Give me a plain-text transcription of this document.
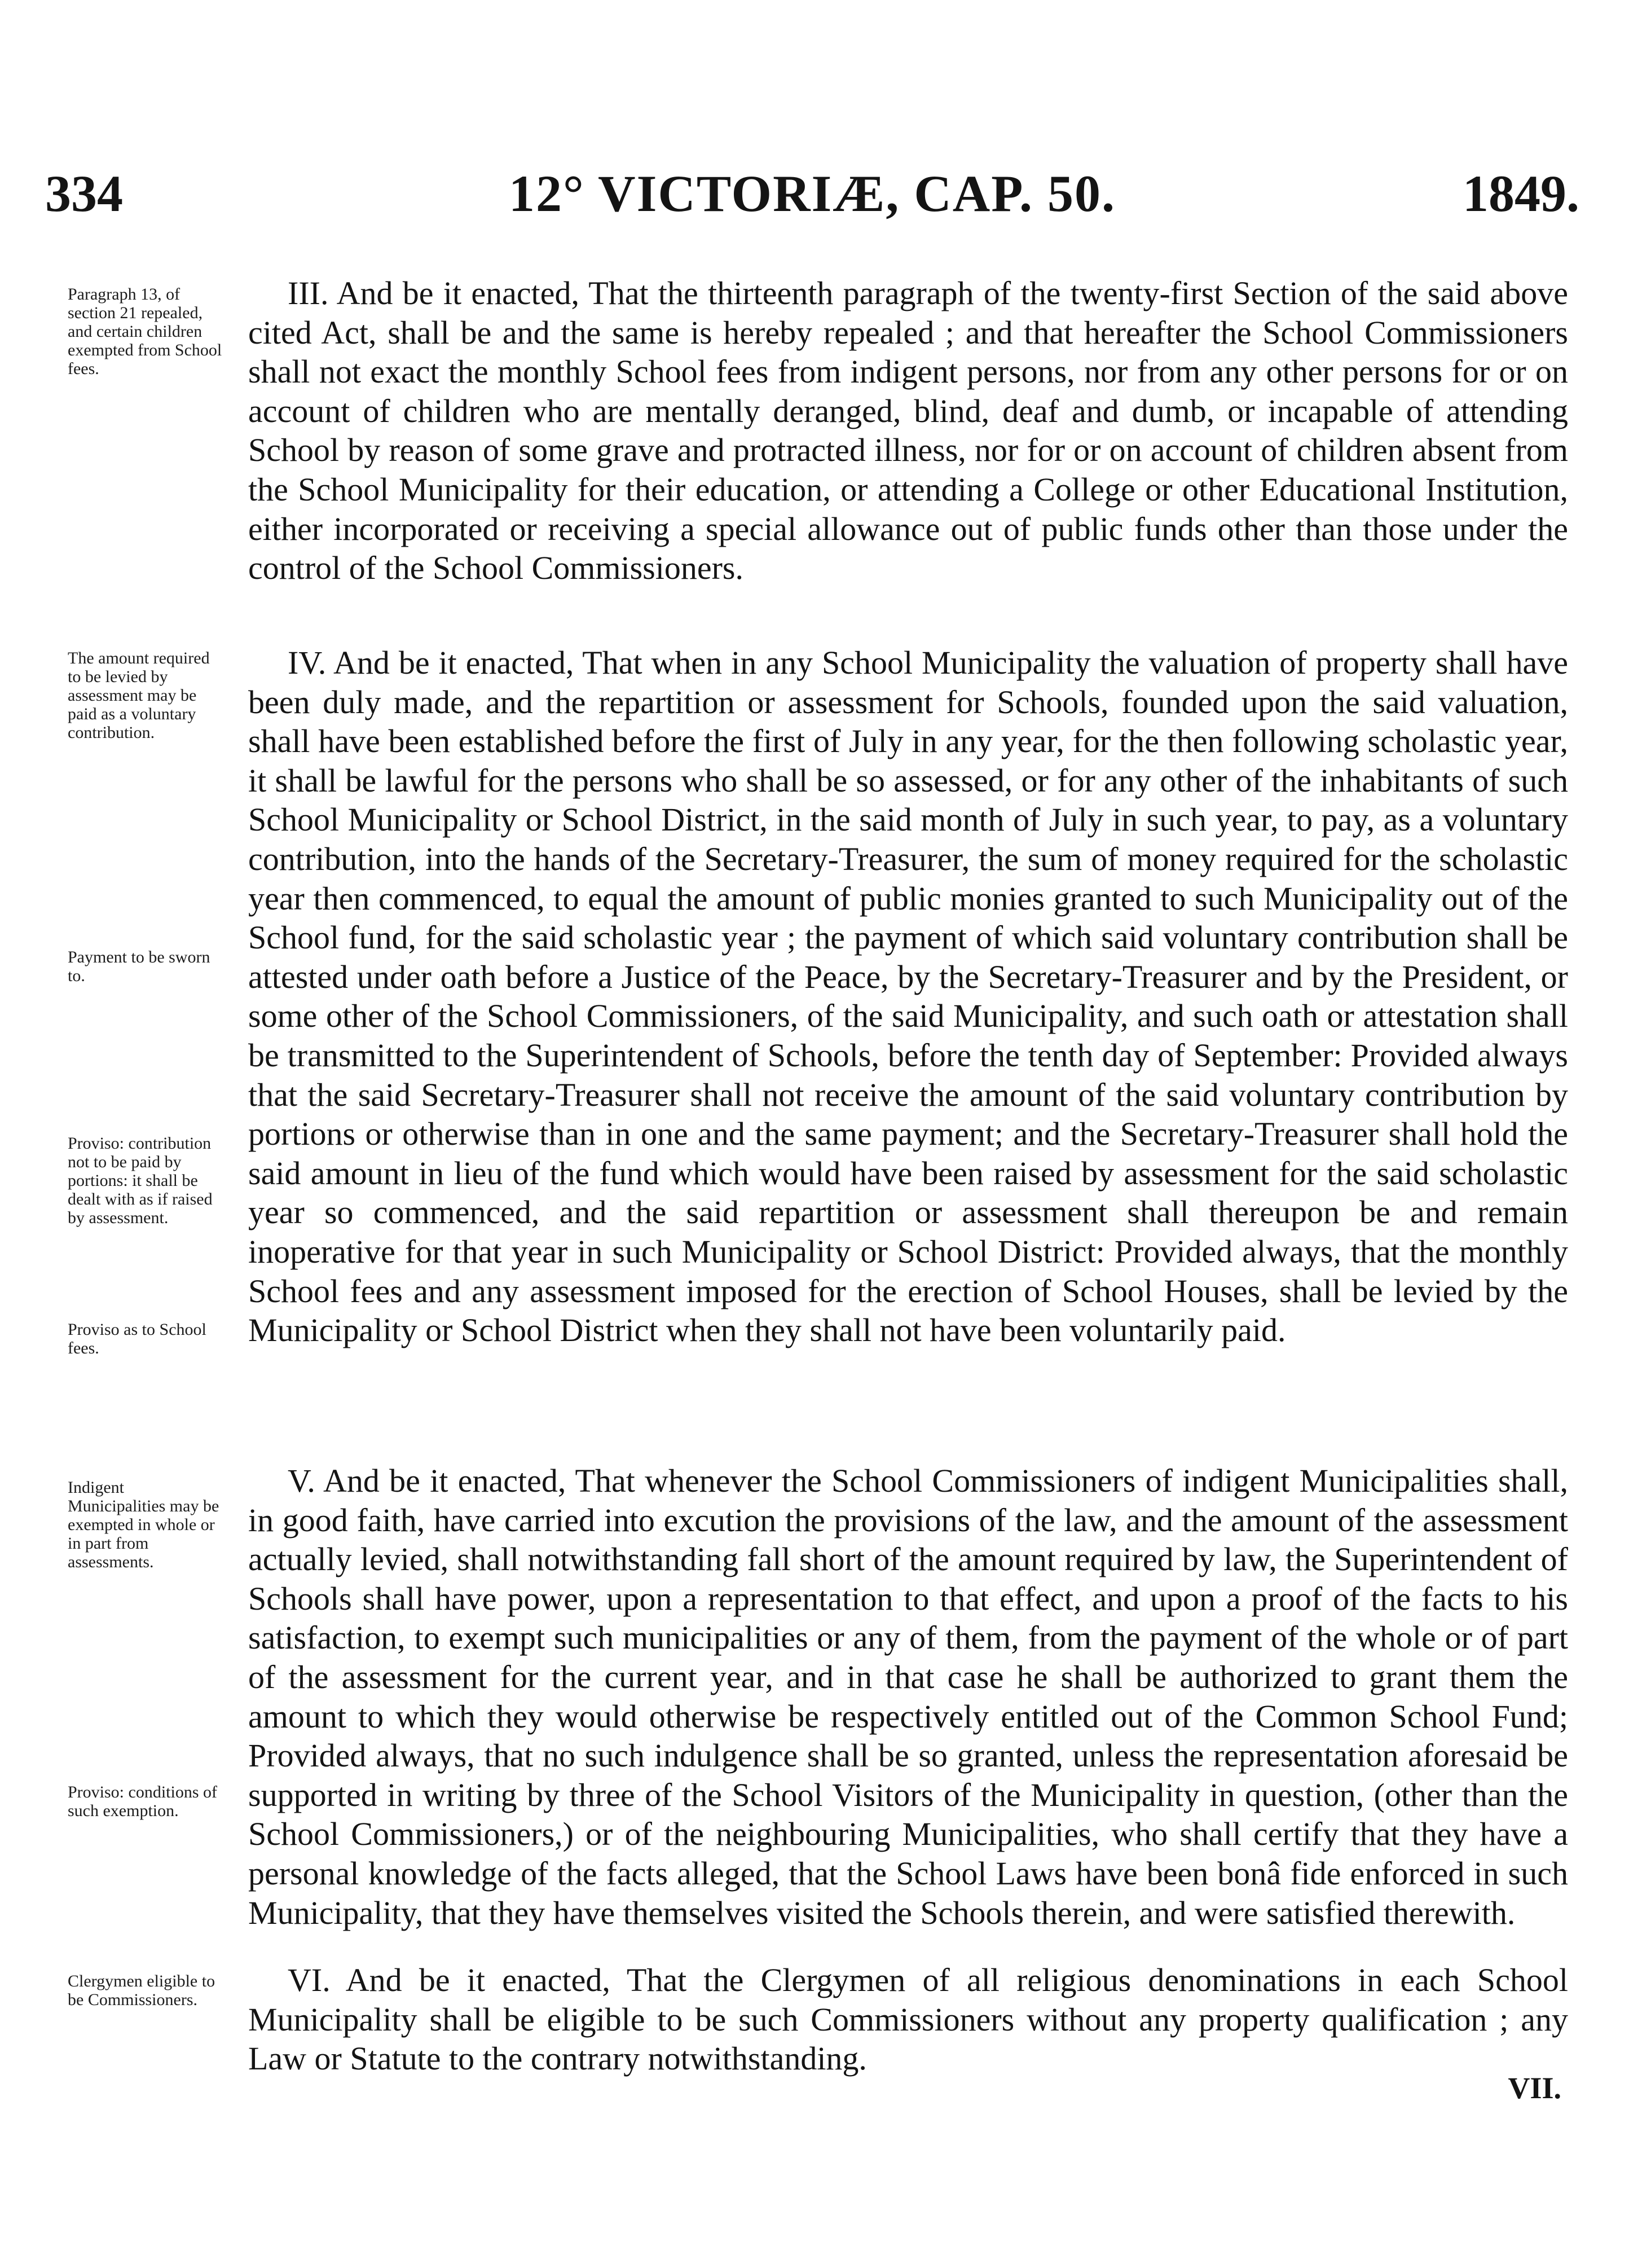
334	12° VICTORIÆ, CAP. 50.	1849.
Paragraph 13, of section 21 repealed, and certain children exempted from School fees.
The amount required to be levied by assessment may be paid as a voluntary contribution.
Payment to be sworn to.
Proviso: contribution not to be paid by portions: it shall be dealt with as if raised by assessment.
Proviso as to School fees.
Indigent Municipalities may be exempted in whole or in part from assessments.
Proviso: conditions of such exemption.
Clergymen eligible to be Commissioners.

III. And be it enacted, That the thirteenth paragraph of the twenty-first Section of the said above cited Act, shall be and the same is hereby repealed ; and that hereafter the School Commissioners shall not exact the monthly School fees from indigent persons, nor from any other persons for or on account of children who are mentally deranged, blind, deaf and dumb, or incapable of attending School by reason of some grave and protracted illness, nor for or on account of children absent from the School Municipality for their education, or attending a College or other Educational Institution, either incorporated or receiving a special allowance out of public funds other than those under the control of the School Commissioners.

IV. And be it enacted, That when in any School Municipality the valuation of property shall have been duly made, and the repartition or assessment for Schools, founded upon the said valuation, shall have been established before the first of July in any year, for the then following scholastic year, it shall be lawful for the persons who shall be so assessed, or for any other of the inhabitants of such School Municipality or School District, in the said month of July in such year, to pay, as a voluntary contribution, into the hands of the Secretary-Treasurer, the sum of money required for the scholastic year then commenced, to equal the amount of public monies granted to such Municipality out of the School fund, for the said scholastic year ; the payment of which said voluntary contribution shall be attested under oath before a Justice of the Peace, by the Secretary-Treasurer and by the President, or some other of the School Commissioners, of the said Municipality, and such oath or attestation shall be transmitted to the Superintendent of Schools, before the tenth day of September: Provided always that the said Secretary-Treasurer shall not receive the amount of the said voluntary contribution by portions or otherwise than in one and the same payment; and the Secretary-Treasurer shall hold the said amount in lieu of the fund which would have been raised by assessment for the said scholastic year so commenced, and the said repartition or assessment shall thereupon be and remain inoperative for that year in such Municipality or School District: Provided always, that the monthly School fees and any assessment imposed for the erection of School Houses, shall be levied by the Municipality or School District when they shall not have been voluntarily paid.

V. And be it enacted, That whenever the School Commissioners of indigent Municipalities shall, in good faith, have carried into excution the provisions of the law, and the amount of the assessment actually levied, shall notwithstanding fall short of the amount required by law, the Superintendent of Schools shall have power, upon a representation to that effect, and upon a proof of the facts to his satisfaction, to exempt such municipalities or any of them, from the payment of the whole or of part of the assessment for the current year, and in that case he shall be authorized to grant them the amount to which they would otherwise be respectively entitled out of the Common School Fund; Provided always, that no such indulgence shall be so granted, unless the representation aforesaid be supported in writing by three of the School Visitors of the Municipality in question, (other than the School Commissioners,) or of the neighbouring Municipalities, who shall certify that they have a personal knowledge of the facts alleged, that the School Laws have been bonâ fide enforced in such Municipality, that they have themselves visited the Schools therein, and were satisfied therewith.

VI. And be it enacted, That the Clergymen of all religious denominations in each School Municipality shall be eligible to be such Commissioners without any property qualification ; any Law or Statute to the contrary notwithstanding.

VII.
